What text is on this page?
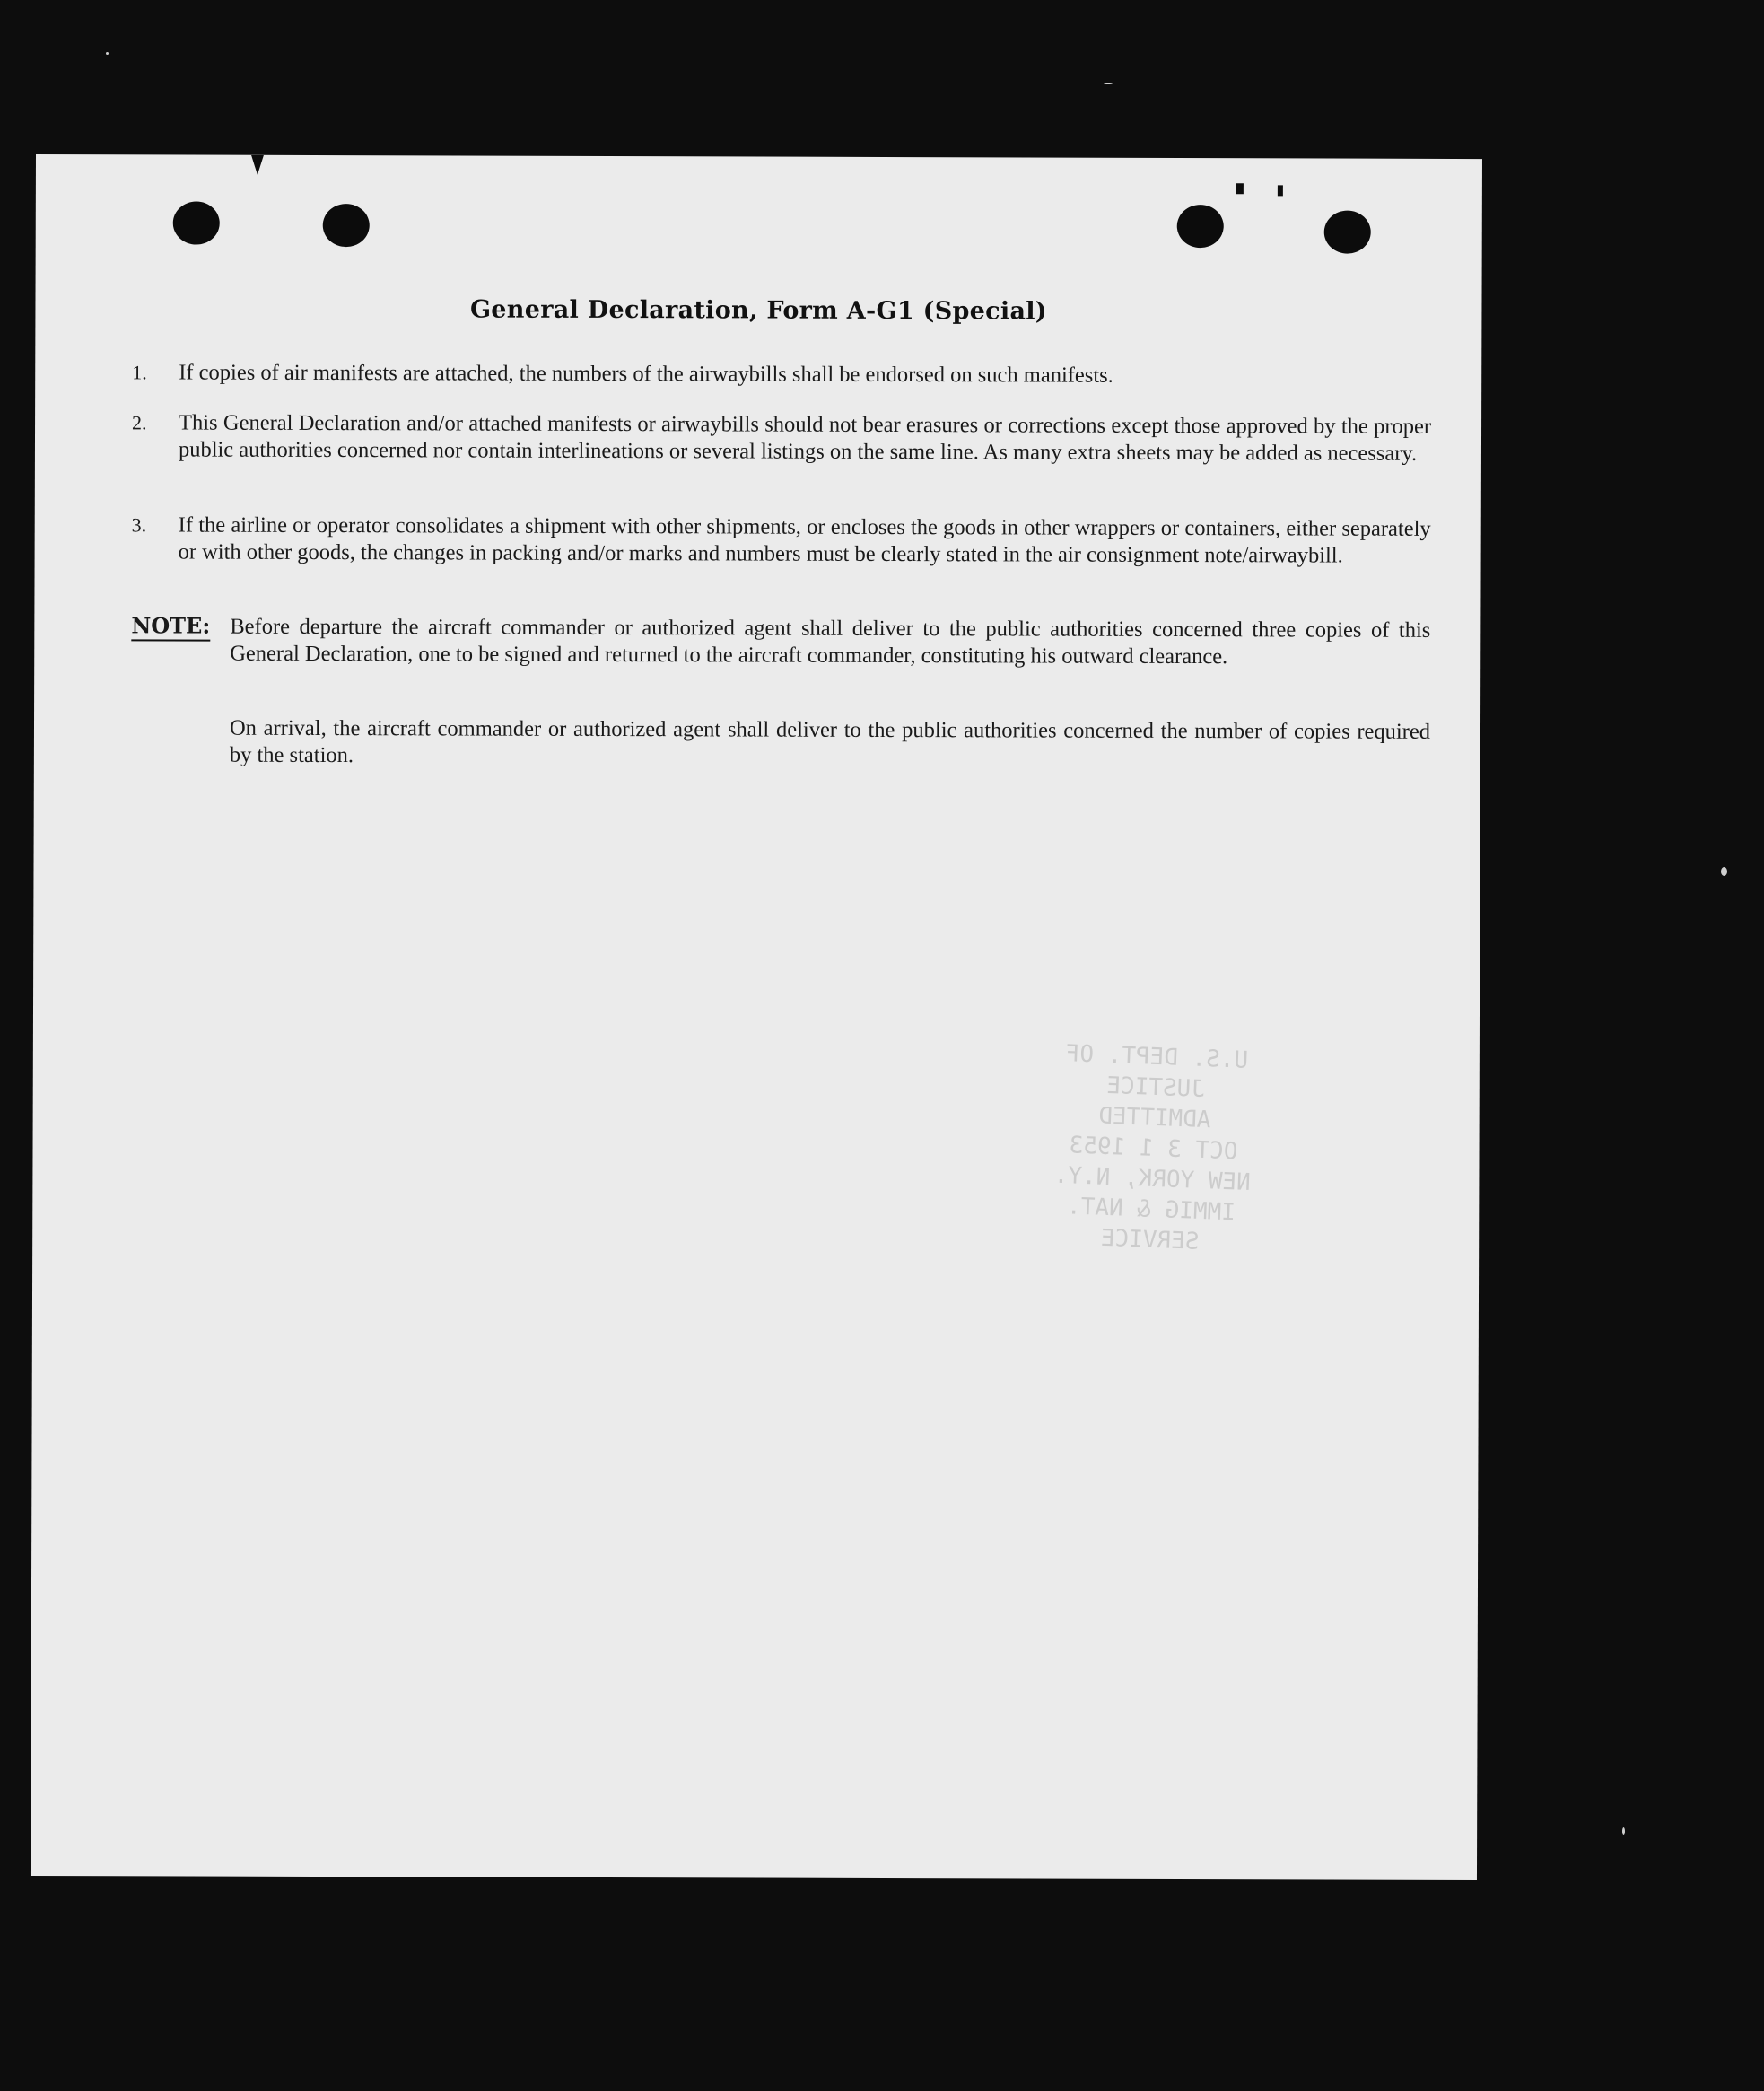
General Declaration, Form A-G1 (Special)
1.	If copies of air manifests are attached, the numbers of the airwaybills shall be endorsed on such manifests.
2.	This General Declaration and/or attached manifests or airwaybills should not bear erasures or corrections except those approved by the proper public authorities concerned nor contain interlineations or several listings on the same line. As many extra sheets may be added as necessary.
3.	If the airline or operator consolidates a shipment with other shipments, or encloses the goods in other wrappers or containers, either separately or with other goods, the changes in packing and/or marks and numbers must be clearly stated in the air consignment note/airwaybill.
NOTE: Before departure the aircraft commander or authorized agent shall deliver to the public authorities concerned three copies of this General Declaration, one to be signed and returned to the aircraft commander, constituting his outward clearance.
On arrival, the aircraft commander or authorized agent shall deliver to the public authorities concerned the number of copies required by the station.
U.S. DEPT. OF JUSTICE
ADMITTED
OCT 3 1 1953
NEW YORK, N.Y.
IMMIG & NAT. SERVICE
